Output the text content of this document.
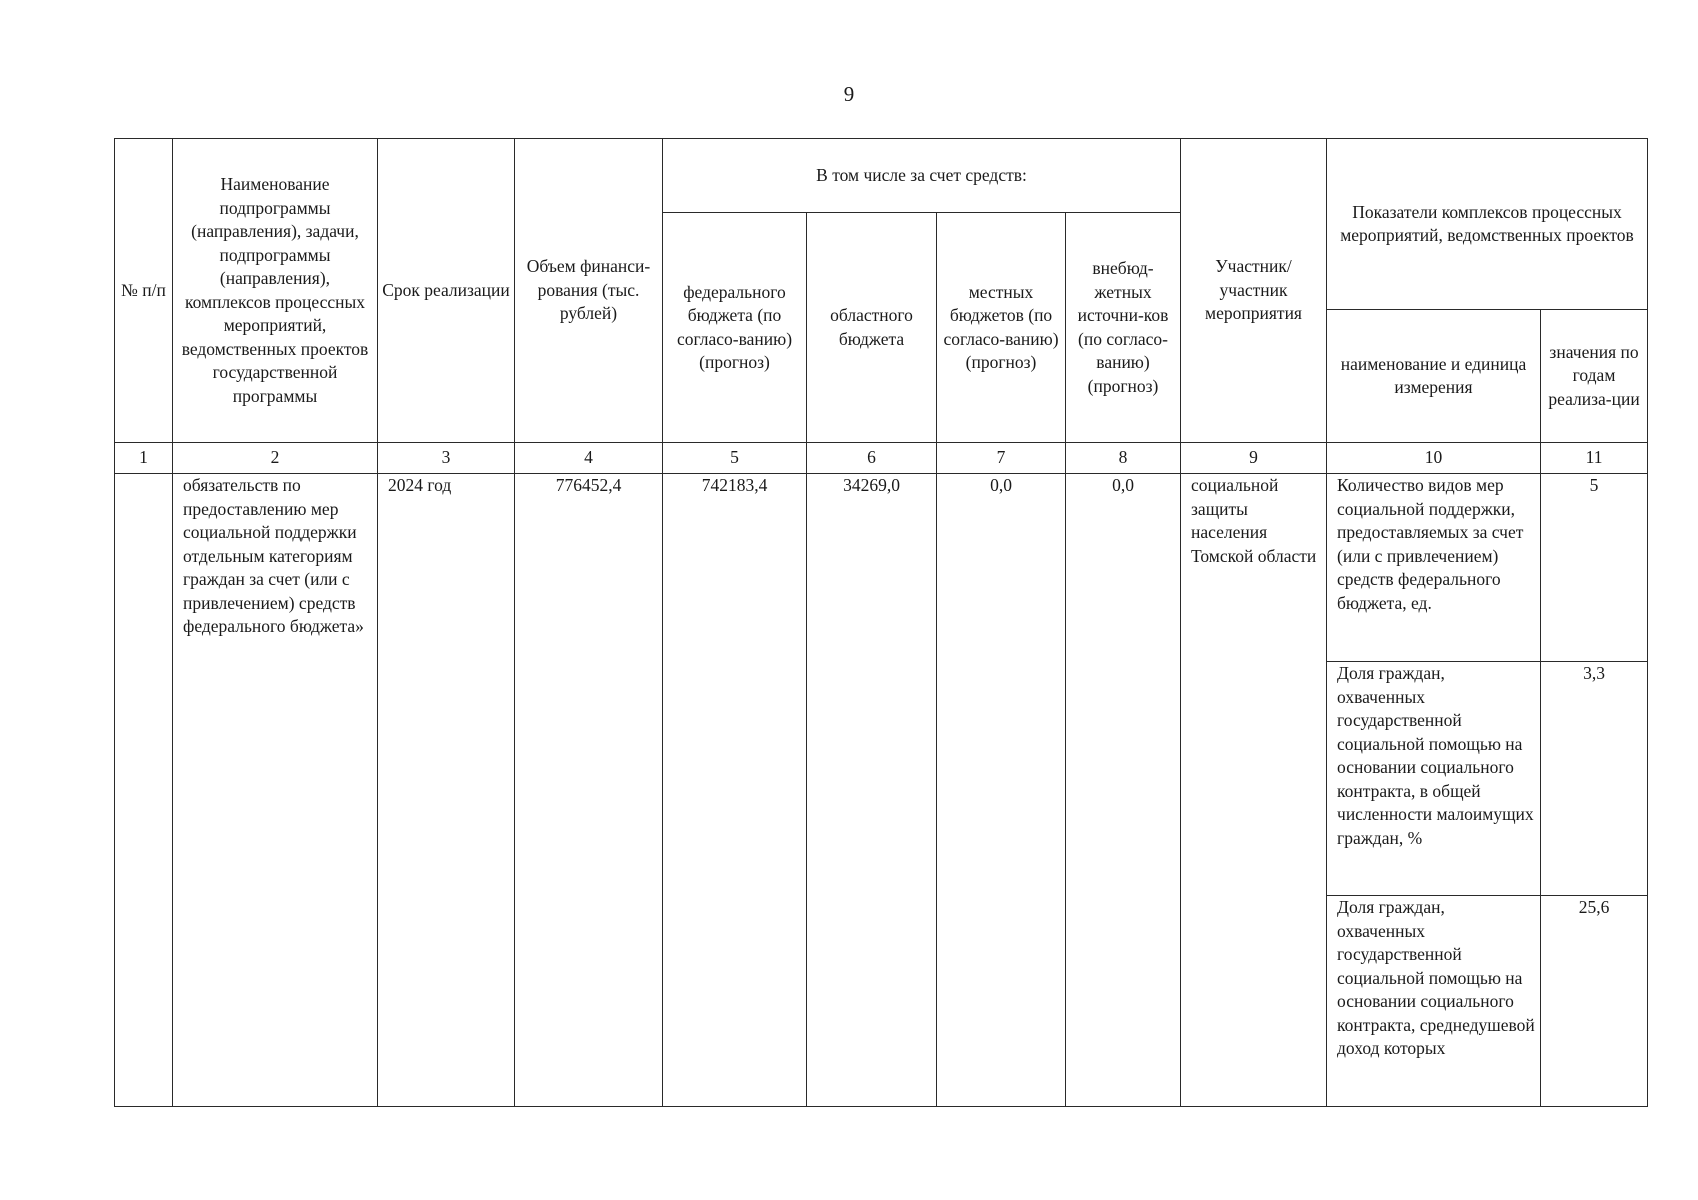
9
№ п/п	Наименование подпрограммы (направления), задачи, подпрограммы (направления), комплексов процессных мероприятий, ведомственных проектов государственной программы	Срок реализации	Объем финанси-рования (тыс. рублей)	В том числе за счет средств:				Участник/ участник мероприятия	Показатели комплексов процессных мероприятий, ведомственных проектов	
				федерального бюджета (по согласо-ванию) (прогноз)	областного бюджета	местных бюджетов (по согласо-ванию) (прогноз)	внебюд-жетных источни-ков (по согласо-ванию) (прогноз)			
									наименование и единица измерения	значения по годам реализа-ции
1	2	3	4	5	6	7	8	9	10	11
	обязательств по предоставлению мер социальной поддержки отдельным категориям граждан за счет (или с привлечением) средств федерального бюджета»	2024 год	776452,4	742183,4	34269,0	0,0	0,0	социальной защиты населения Томской области	Количество видов мер социальной поддержки, предоставляемых за счет (или с привлечением) средств федерального бюджета, ед.	5
									Доля граждан, охваченных государственной социальной помощью на основании социального контракта, в общей численности малоимущих граждан, %	3,3
									Доля граждан, охваченных государственной социальной помощью на основании социального контракта, среднедушевой доход которых	25,6
